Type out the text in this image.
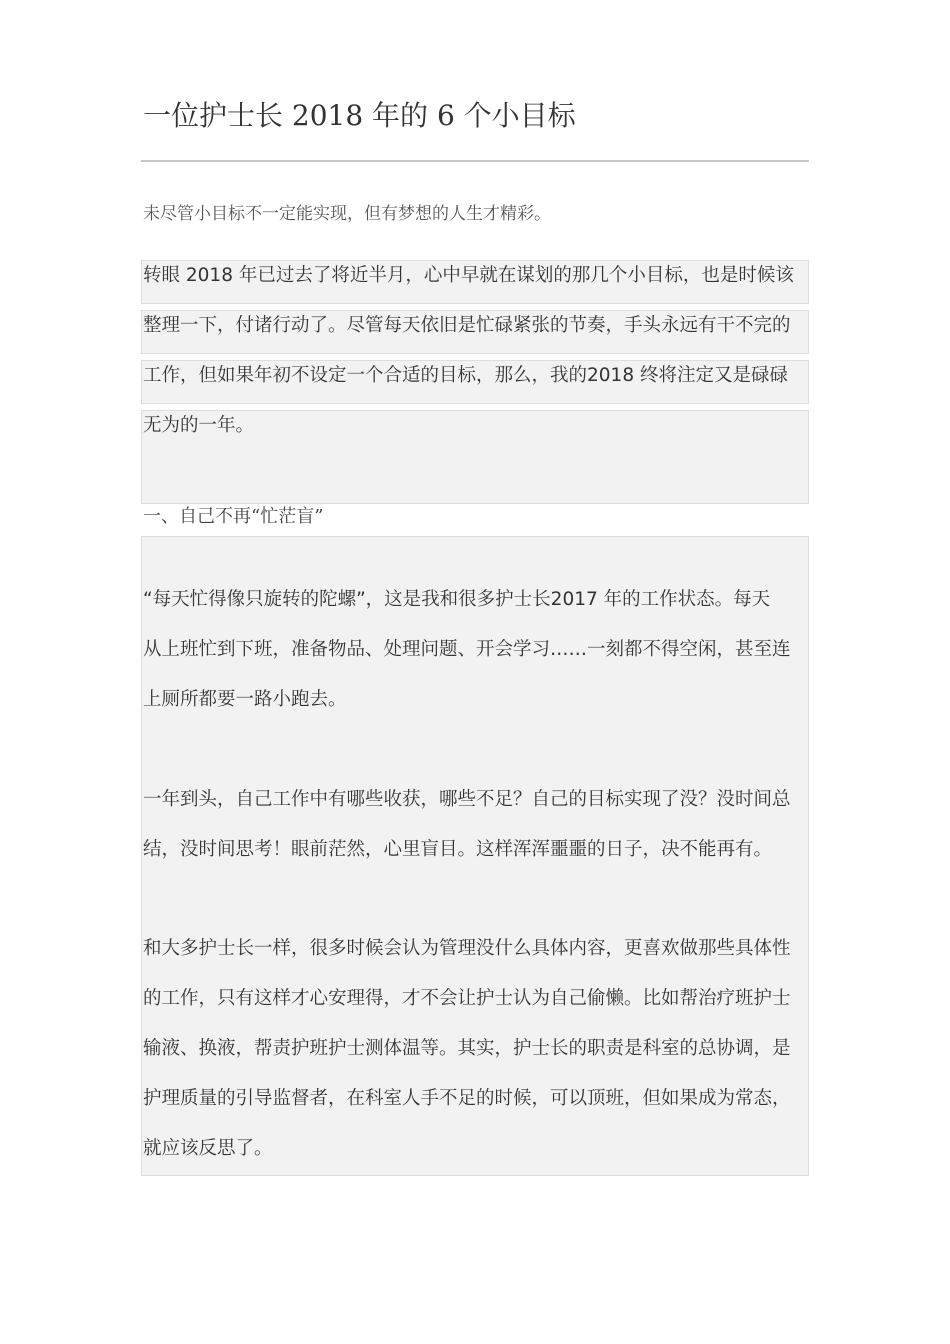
一位护士长 2018 年的 6 个小目标

未尽管小目标不一定能实现，但有梦想的人生才精彩。

转眼 2018 年已过去了将近半月，心中早就在谋划的那几个小目标，也是时候该

整理一下，付诸行动了。尽管每天依旧是忙碌紧张的节奏，手头永远有干不完的

工作，但如果年初不设定一个合适的目标，那么，我的2018 终将注定又是碌碌

无为的一年。

一、自己不再“忙茫盲”

“每天忙得像只旋转的陀螺”，这是我和很多护士长2017 年的工作状态。每天

从上班忙到下班，准备物品、处理问题、开会学习……一刻都不得空闲，甚至连

上厕所都要一路小跑去。

一年到头，自己工作中有哪些收获，哪些不足？自己的目标实现了没？没时间总

结，没时间思考！眼前茫然，心里盲目。这样浑浑噩噩的日子，决不能再有。

和大多护士长一样，很多时候会认为管理没什么具体内容，更喜欢做那些具体性

的工作，只有这样才心安理得，才不会让护士认为自己偷懒。比如帮治疗班护士

输液、换液，帮责护班护士测体温等。其实，护士长的职责是科室的总协调，是

护理质量的引导监督者，在科室人手不足的时候，可以顶班，但如果成为常态，

就应该反思了。
